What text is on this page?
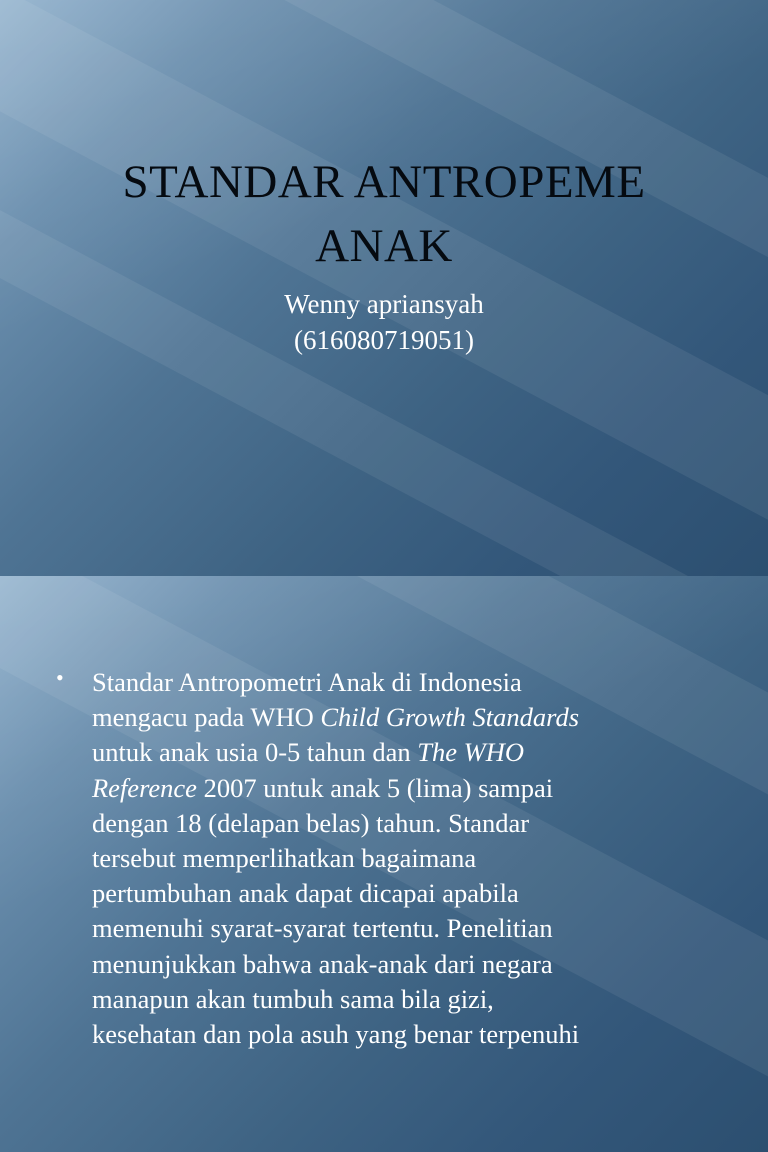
STANDAR ANTROPEME
ANAK
Wenny apriansyah
(616080719051)
• Standar Antropometri Anak di Indonesia
mengacu pada WHO Child Growth Standards
untuk anak usia 0-5 tahun dan The WHO
Reference 2007 untuk anak 5 (lima) sampai
dengan 18 (delapan belas) tahun. Standar
tersebut memperlihatkan bagaimana
pertumbuhan anak dapat dicapai apabila
memenuhi syarat-syarat tertentu. Penelitian
menunjukkan bahwa anak-anak dari negara
manapun akan tumbuh sama bila gizi,
kesehatan dan pola asuh yang benar terpenuhi
